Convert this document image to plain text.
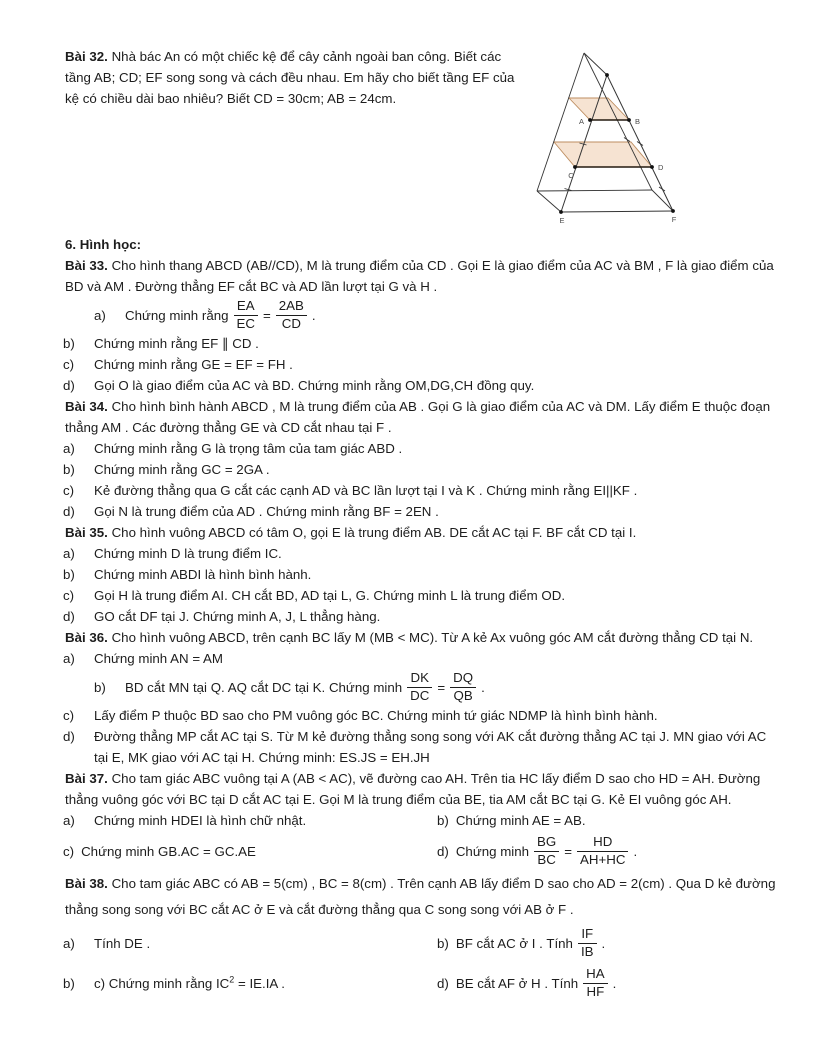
Bài 32. Nhà bác An có một chiếc kệ để cây cảnh ngoài ban công. Biết các tầng AB; CD; EF song song và cách đều nhau. Em hãy cho biết tầng EF của kệ có chiều dài bao nhiêu? Biết CD = 30cm; AB = 24cm.

A	B
C
D
E	F

6. Hình học:

Bài 33. Cho hình thang ABCD (AB//CD), M là trung điểm của CD . Gọi E là giao điểm của AC và BM , F là giao điểm của BD và AM . Đường thẳng EF cắt BC và AD lần lượt tại G và H .

a)	Chứng minh rằng $\frac{EA}{EC} = \frac{2AB}{CD}$ .
b) Chứng minh rằng EF ∥ CD .
c) Chứng minh rằng GE = EF = FH .
d) Gọi O là giao điểm của AC và BD. Chứng minh rằng OM,DG,CH đồng quy.

Bài 34. Cho hình bình hành ABCD , M là trung điểm của AB . Gọi G là giao điểm của AC và DM. Lấy điểm E thuộc đoạn thẳng AM . Các đường thẳng GE và CD cắt nhau tại F .

a) Chứng minh rằng G là trọng tâm của tam giác ABD .
b) Chứng minh rằng GC = 2GA .
c) Kẻ đường thẳng qua G cắt các cạnh AD và BC lần lượt tại I và K . Chứng minh rằng EI||KF .
d) Gọi N là trung điểm của AD . Chứng minh rằng BF = 2EN .

Bài 35. Cho hình vuông ABCD có tâm O, gọi E là trung điểm AB. DE cắt AC tại F. BF cắt CD tại I.

a) Chứng minh D là trung điểm IC.
b) Chứng minh ABDI là hình bình hành.
c) Gọi H là trung điểm AI. CH cắt BD, AD tại L, G. Chứng minh L là trung điểm OD.
d) GO cắt DF tại J. Chứng minh A, J, L thẳng hàng.

Bài 36. Cho hình vuông ABCD, trên cạnh BC lấy M (MB < MC). Từ A kẻ Ax vuông góc AM cắt đường thẳng CD tại N.

a) Chứng minh AN = AM
b)	BD cắt MN tại Q. AQ cắt DC tại K. Chứng minh $\frac{DK}{DC} = \frac{DQ}{QB}$ .
c) Lấy điểm P thuộc BD sao cho PM vuông góc BC. Chứng minh tứ giác NDMP là hình bình hành.
d) Đường thẳng MP cắt AC tại S. Từ M kẻ đường thẳng song song với AK cắt đường thẳng AC tại J. MN giao với AC tại E, MK giao với AC tại H. Chứng minh: ES.JS = EH.JH

Bài 37. Cho tam giác ABC vuông tại A (AB < AC), vẽ đường cao AH. Trên tia HC lấy điểm D sao cho HD = AH. Đường thẳng vuông góc với BC tại D cắt AC tại E. Gọi M là trung điểm của BE, tia AM cắt BC tại G. Kẻ EI vuông góc AH.

a) Chứng minh HDEI là hình chữ nhật.	b) Chứng minh AE = AB.
c) Chứng minh GB.AC = GC.AE	d) Chứng minh $\frac{BG}{BC} = \frac{HD}{AH+HC}$ .

Bài 38. Cho tam giác ABC có AB = 5(cm) , BC = 8(cm) . Trên cạnh AB lấy điểm D sao cho AD = 2(cm) . Qua D kẻ đường thẳng song song với BC cắt AC ở E và cắt đường thẳng qua C song song với AB ở F .

a)	Tính DE .	b) BF cắt AC ở I . Tính $\frac{IF}{IB}$ .
b)	c) Chứng minh rằng $IC^2 = IE.IA$ .	d) BE cắt AF ở H . Tính $\frac{HA}{HF}$ .
